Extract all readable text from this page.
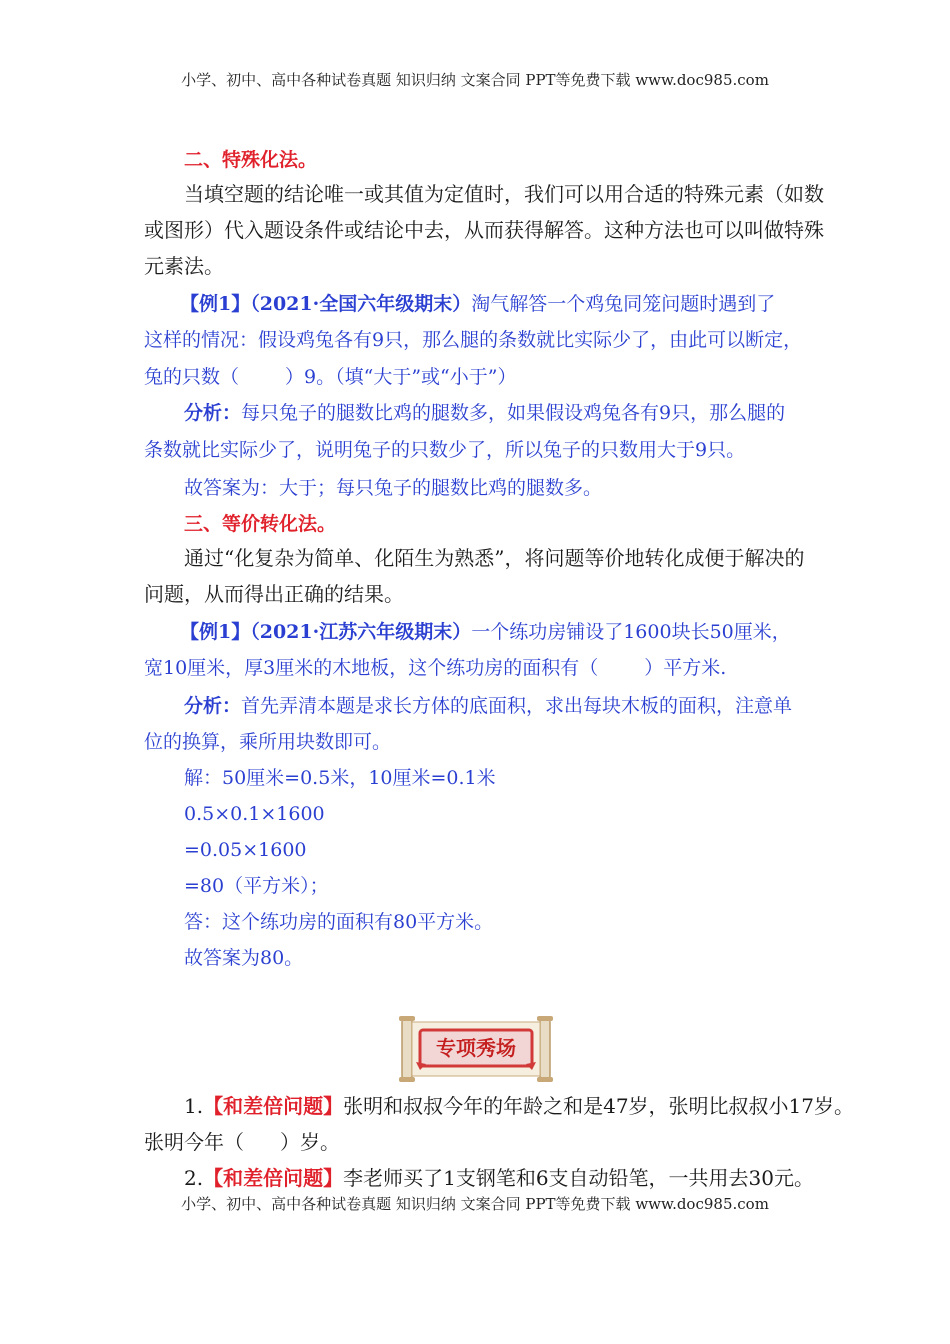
小学、初中、高中各种试卷真题 知识归纳 文案合同 PPT等免费下载 www.doc985.com
二、特殊化法。
当填空题的结论唯一或其值为定值时，我们可以用合适的特殊元素（如数
或图形）代入题设条件或结论中去，从而获得解答。这种方法也可以叫做特殊
元素法。
【例1】（2021·全国六年级期末）淘气解答一个鸡兔同笼问题时遇到了
这样的情况：假设鸡兔各有9只，那么腿的条数就比实际少了，由此可以断定，
兔的只数（ ）9。（填“大于”或“小于”）
分析：每只兔子的腿数比鸡的腿数多，如果假设鸡兔各有9只，那么腿的
条数就比实际少了，说明兔子的只数少了，所以兔子的只数用大于9只。
故答案为：大于；每只兔子的腿数比鸡的腿数多。
三、等价转化法。
通过“化复杂为简单、化陌生为熟悉”，将问题等价地转化成便于解决的
问题，从而得出正确的结果。
【例1】（2021·江苏六年级期末）一个练功房铺设了1600块长50厘米，
宽10厘米，厚3厘米的木地板，这个练功房的面积有（ ）平方米.
分析：首先弄清本题是求长方体的底面积，求出每块木板的面积，注意单
位的换算，乘所用块数即可。
解：50厘米=0.5米，10厘米=0.1米
0.5×0.1×1600
=0.05×1600
=80（平方米）；
答：这个练功房的面积有80平方米。
故答案为80。
专项秀场
1.【和差倍问题】张明和叔叔今年的年龄之和是47岁，张明比叔叔小17岁。
张明今年（ ）岁。
2.【和差倍问题】李老师买了1支钢笔和6支自动铅笔，一共用去30元。
小学、初中、高中各种试卷真题 知识归纳 文案合同 PPT等免费下载 www.doc985.com
